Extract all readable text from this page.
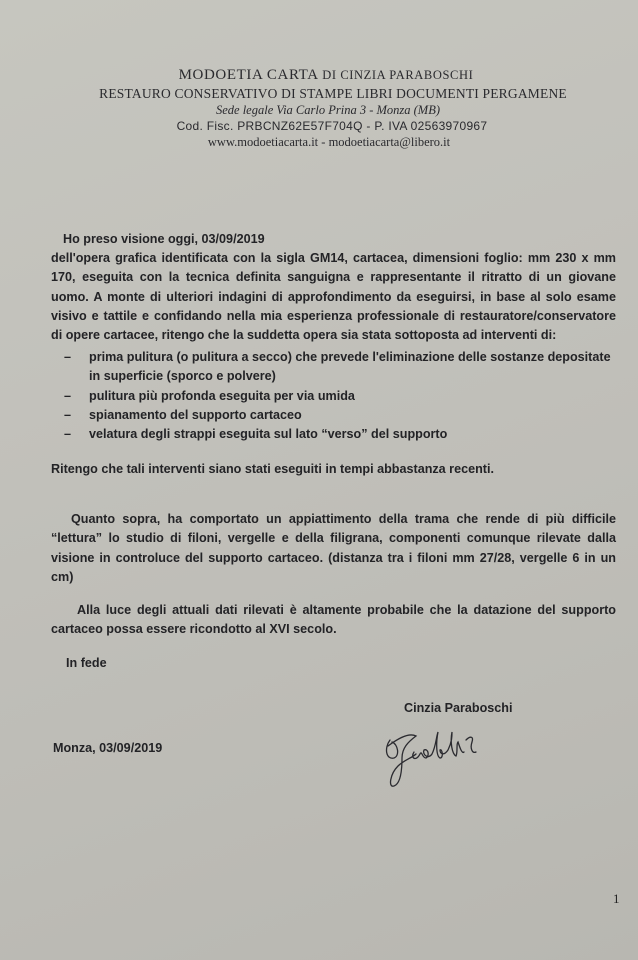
MODOETIA CARTA DI CINZIA PARABOSCHI
RESTAURO CONSERVATIVO DI STAMPE LIBRI DOCUMENTI PERGAMENE
Sede legale Via Carlo Prina 3 - Monza (MB)
Cod. Fisc. PRBCNZ62E57F704Q - P. IVA 02563970967
www.modoetiacarta.it - modoetiacarta@libero.it
Ho preso visione oggi, 03/09/2019
dell'opera grafica identificata con la sigla GM14, cartacea, dimensioni foglio: mm 230 x mm 170, eseguita con la tecnica definita sanguigna e rappresentante il ritratto di un giovane uomo. A monte di ulteriori indagini di approfondimento da eseguirsi, in base al solo esame visivo e tattile e confidando nella mia esperienza professionale di restauratore/conservatore di opere cartacee, ritengo che la suddetta opera sia stata sottoposta ad interventi di:
– prima pulitura (o pulitura a secco) che prevede l'eliminazione delle sostanze depositate in superficie (sporco e polvere)
– pulitura più profonda eseguita per via umida
– spianamento del supporto cartaceo
– velatura degli strappi eseguita sul lato “verso” del supporto
Ritengo che tali interventi siano stati eseguiti in tempi abbastanza recenti.
Quanto sopra, ha comportato un appiattimento della trama che rende di più difficile “lettura” lo studio di filoni, vergelle e della filigrana, componenti comunque rilevate dalla visione in controluce del supporto cartaceo. (distanza tra i filoni mm 27/28, vergelle 6 in un cm)
Alla luce degli attuali dati rilevati è altamente probabile che la datazione del supporto cartaceo possa essere ricondotto al XVI secolo.
In fede
Cinzia Paraboschi
Monza, 03/09/2019
1
